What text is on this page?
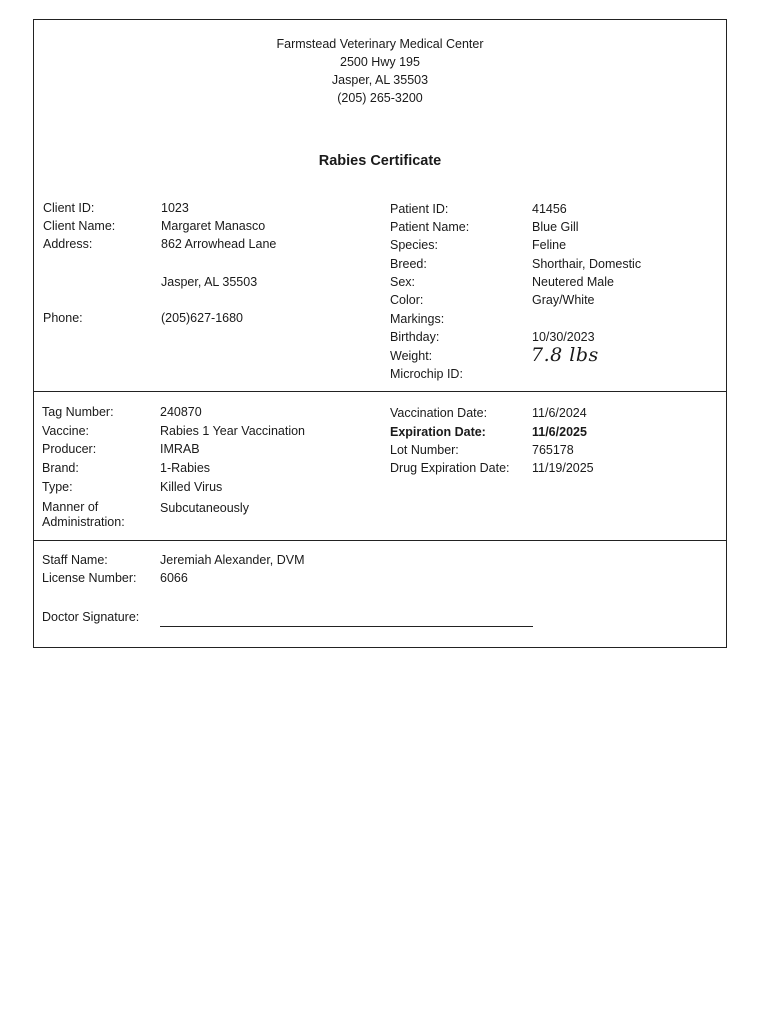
Farmstead Veterinary Medical Center
2500 Hwy 195
Jasper, AL 35503
(205) 265-3200
Rabies Certificate
Client ID:	1023
Client Name:	Margaret Manasco
Address:	862 Arrowhead Lane
Jasper, AL 35503
Phone:	(205)627-1680
Patient ID:	41456
Patient Name:	Blue Gill
Species:	Feline
Breed:	Shorthair, Domestic
Sex:	Neutered Male
Color:	Gray/White
Markings:
Birthday:	10/30/2023
Weight:	7.8 lbs
Microchip ID:
Tag Number:	240870
Vaccine:	Rabies 1 Year Vaccination
Producer:	IMRAB
Brand:	1-Rabies
Type:	Killed Virus
Manner of Administration:
Subcutaneously
Vaccination Date:	11/6/2024
Expiration Date:	11/6/2025
Lot Number:	765178
Drug Expiration Date: 11/19/2025
Staff Name:	Jeremiah Alexander, DVM
License Number: 6066
Doctor Signature:
